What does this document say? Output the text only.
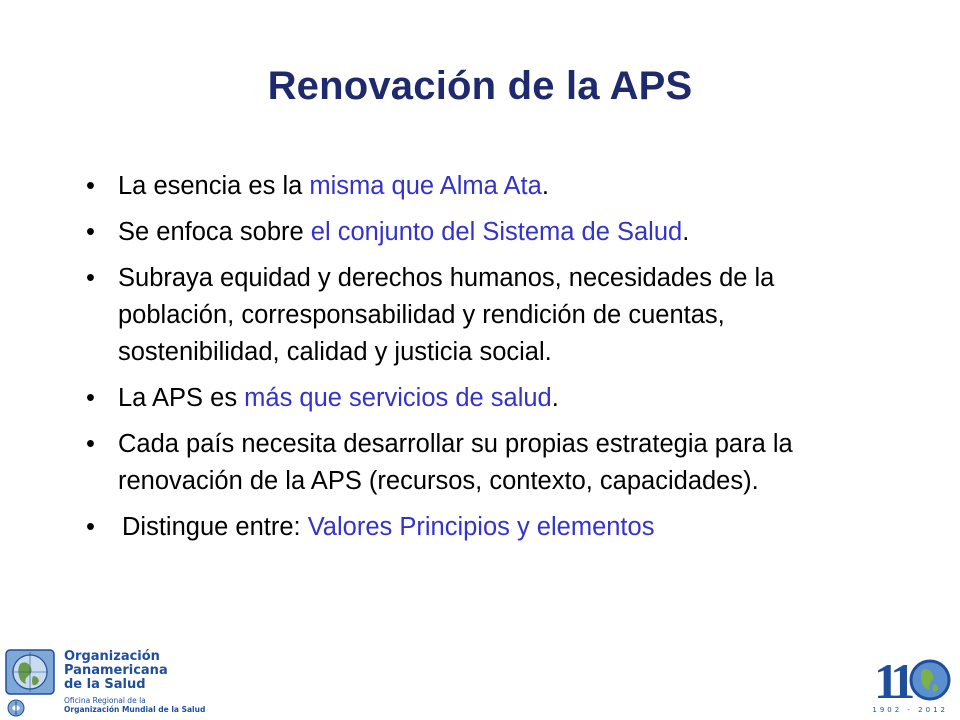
Renovación de la APS
• La esencia es la misma que Alma Ata.
• Se enfoca sobre el conjunto del Sistema de Salud.
• Subraya equidad y derechos humanos, necesidades de la población, corresponsabilidad y rendición de cuentas, sostenibilidad, calidad y justicia social.
• La APS es más que servicios de salud.
• Cada país necesita desarrollar su propias estrategia para la renovación de la APS (recursos, contexto, capacidades).
• Distingue entre: Valores Principios y elementos
Organización
Panamericana
de la Salud
Oficina Regional de la
Organización Mundial de la Salud
11
1902 - 2012
